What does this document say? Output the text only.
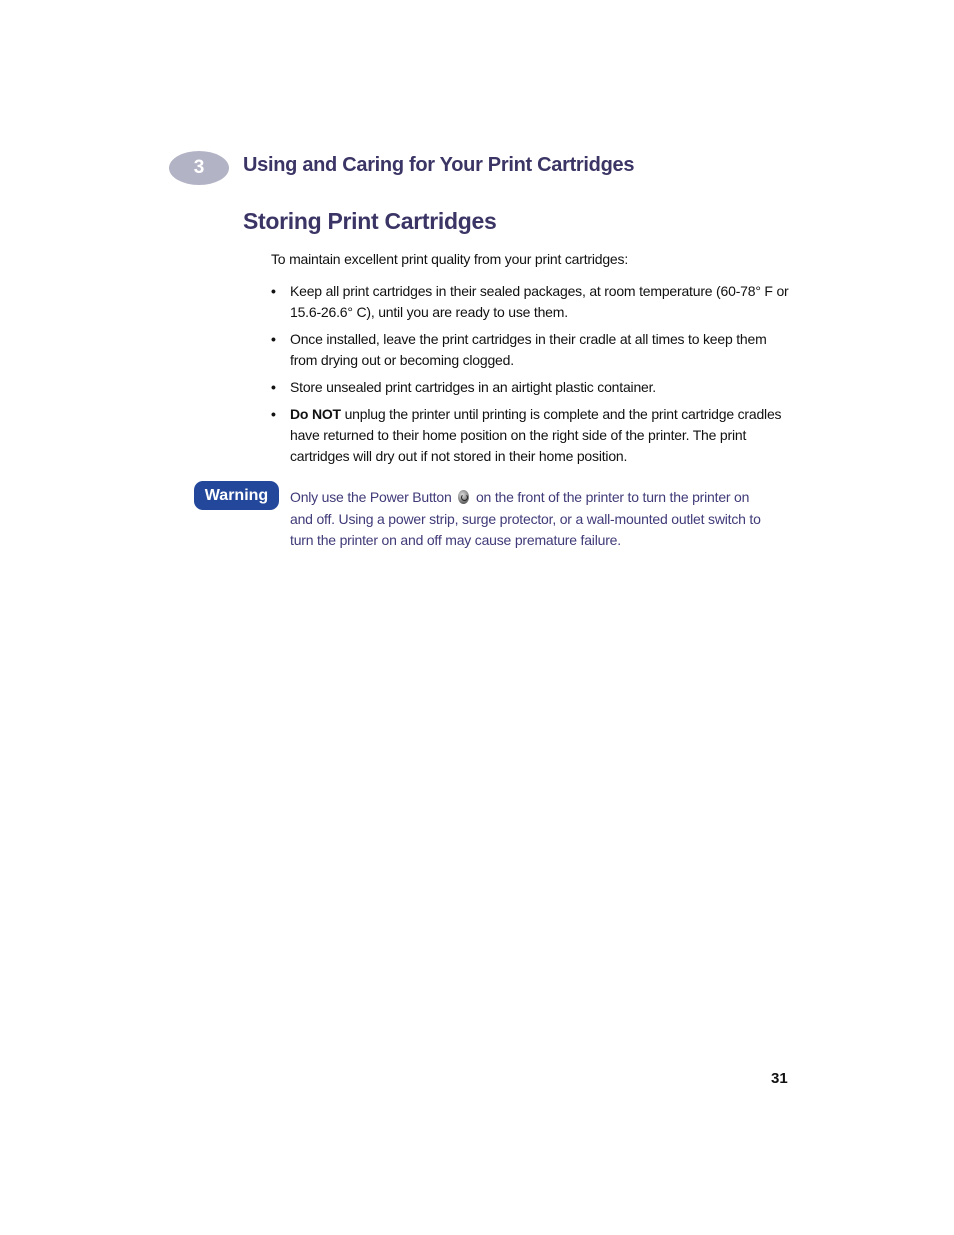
3 Using and Caring for Your Print Cartridges
Storing Print Cartridges
To maintain excellent print quality from your print cartridges:
• Keep all print cartridges in their sealed packages, at room temperature (60-78° F or 15.6-26.6° C), until you are ready to use them.
• Once installed, leave the print cartridges in their cradle at all times to keep them from drying out or becoming clogged.
• Store unsealed print cartridges in an airtight plastic container.
• Do NOT unplug the printer until printing is complete and the print cartridge cradles have returned to their home position on the right side of the printer. The print cartridges will dry out if not stored in their home position.
Warning Only use the Power Button  on the front of the printer to turn the printer on and off. Using a power strip, surge protector, or a wall-mounted outlet switch to turn the printer on and off may cause premature failure.
31
